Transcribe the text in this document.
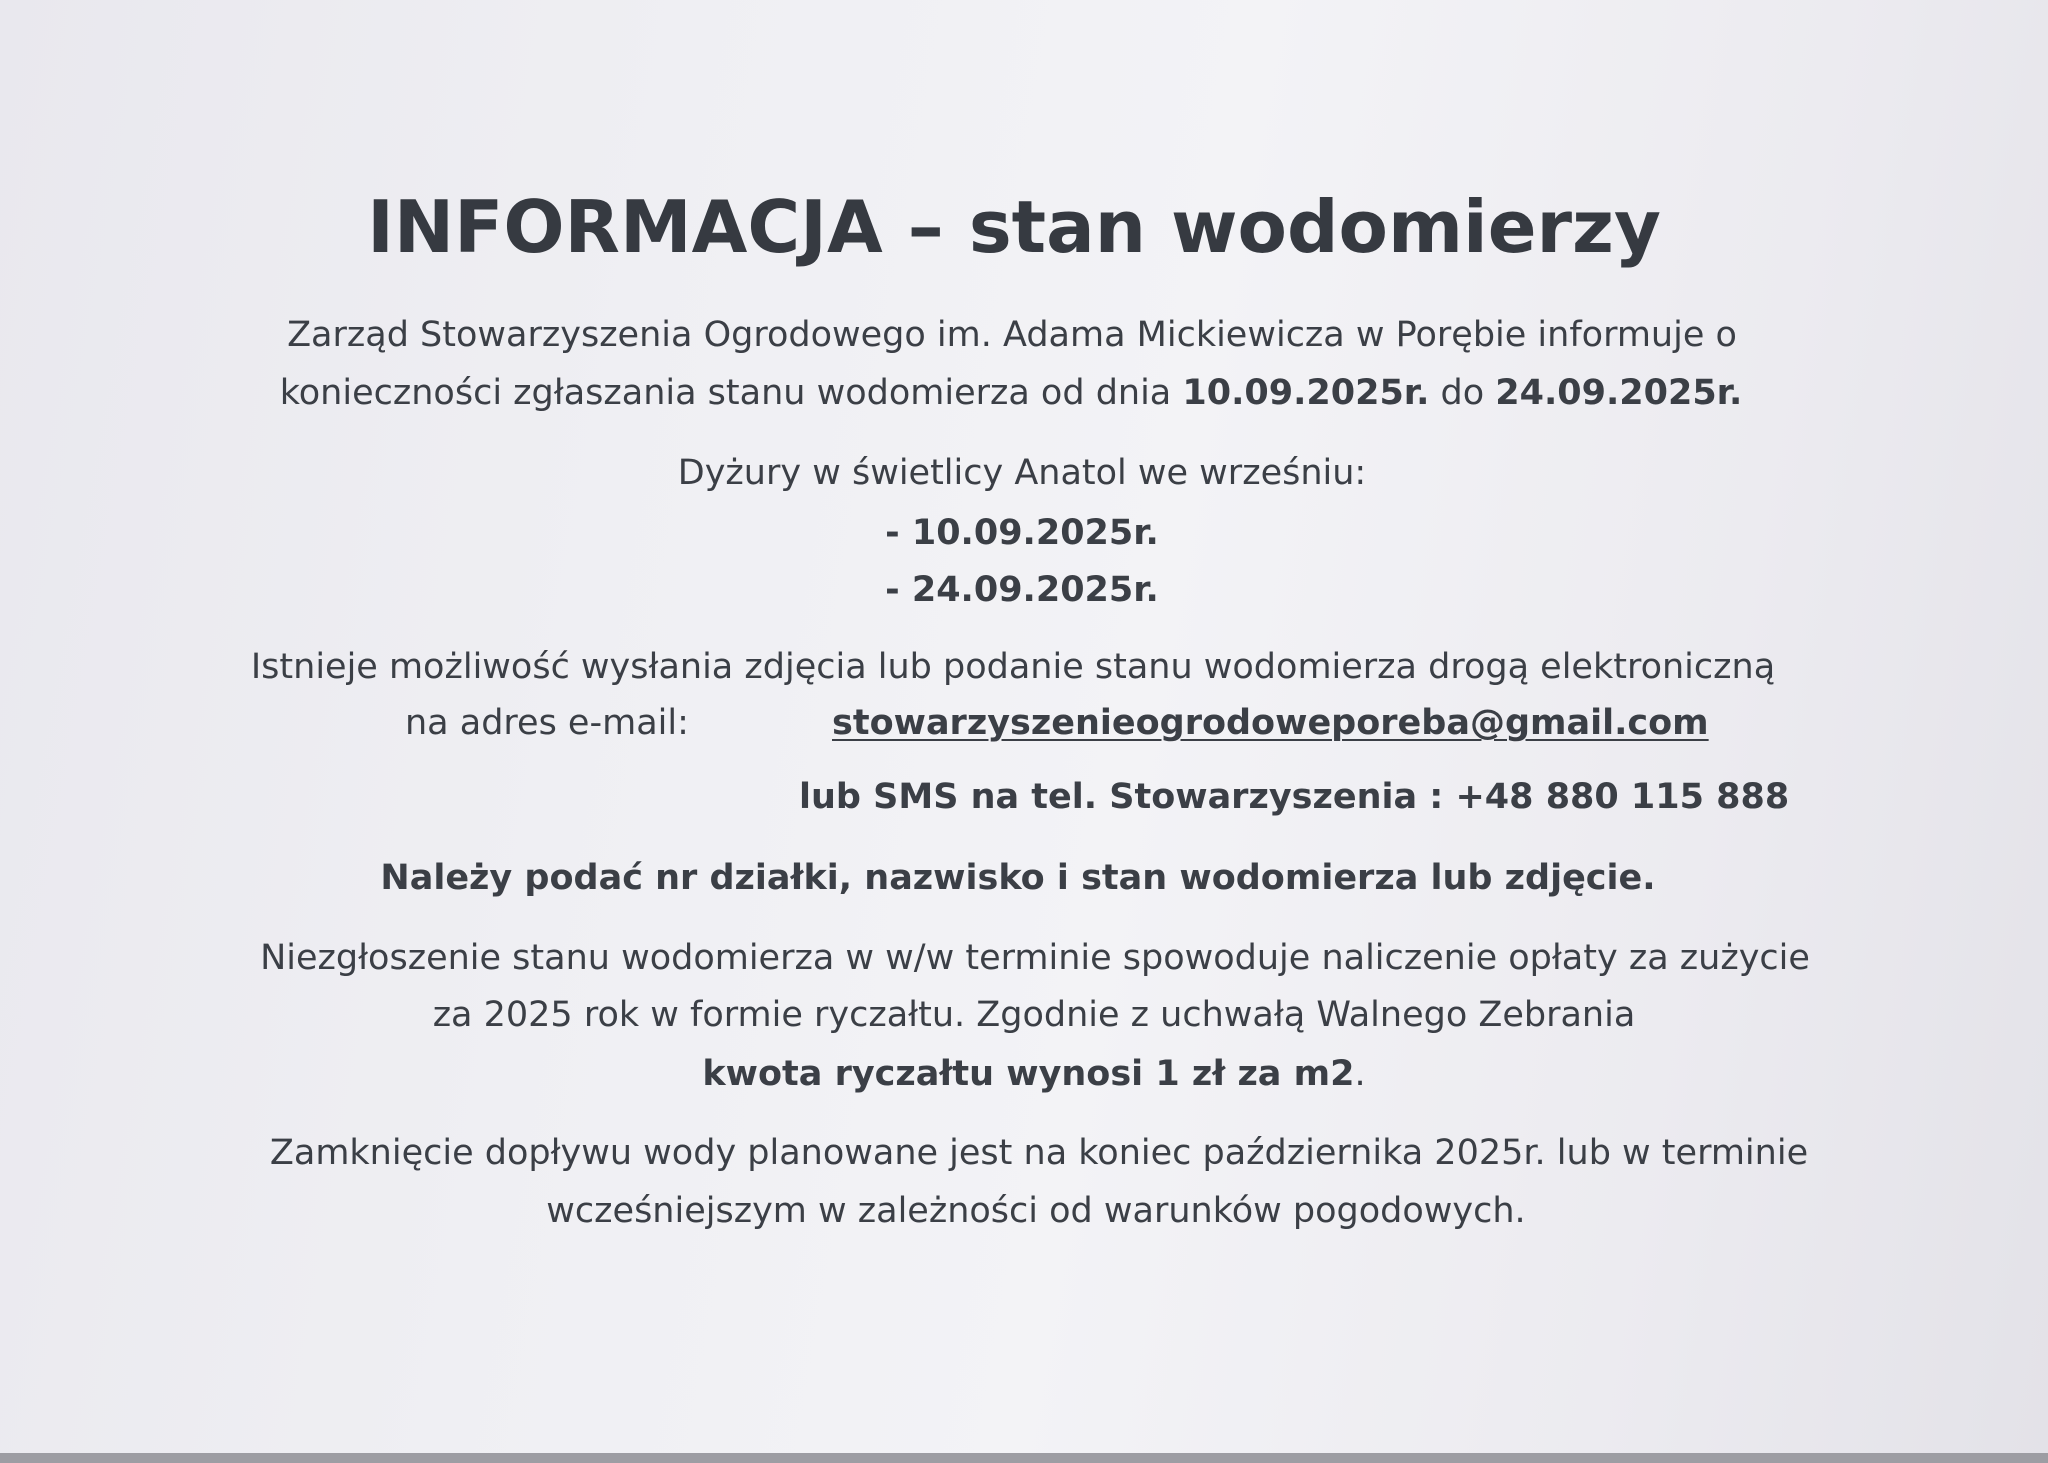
INFORMACJA – stan wodomierzy
Zarząd Stowarzyszenia Ogrodowego im. Adama Mickiewicza w Porębie informuje o
konieczności zgłaszania stanu wodomierza od dnia 10.09.2025r. do 24.09.2025r.
Dyżury w świetlicy Anatol we wrześniu:
- 10.09.2025r.
- 24.09.2025r.
Istnieje możliwość wysłania zdjęcia lub podanie stanu wodomierza drogą elektroniczną
na adres e-mail:	stowarzyszenieogrodoweporeba@gmail.com
lub SMS na tel. Stowarzyszenia : +48 880 115 888
Należy podać nr działki, nazwisko i stan wodomierza lub zdjęcie.
Niezgłoszenie stanu wodomierza w w/w terminie spowoduje naliczenie opłaty za zużycie
za 2025 rok w formie ryczałtu. Zgodnie z uchwałą Walnego Zebrania
kwota ryczałtu wynosi 1 zł za m2.
Zamknięcie dopływu wody planowane jest na koniec października 2025r. lub w terminie
wcześniejszym w zależności od warunków pogodowych.
